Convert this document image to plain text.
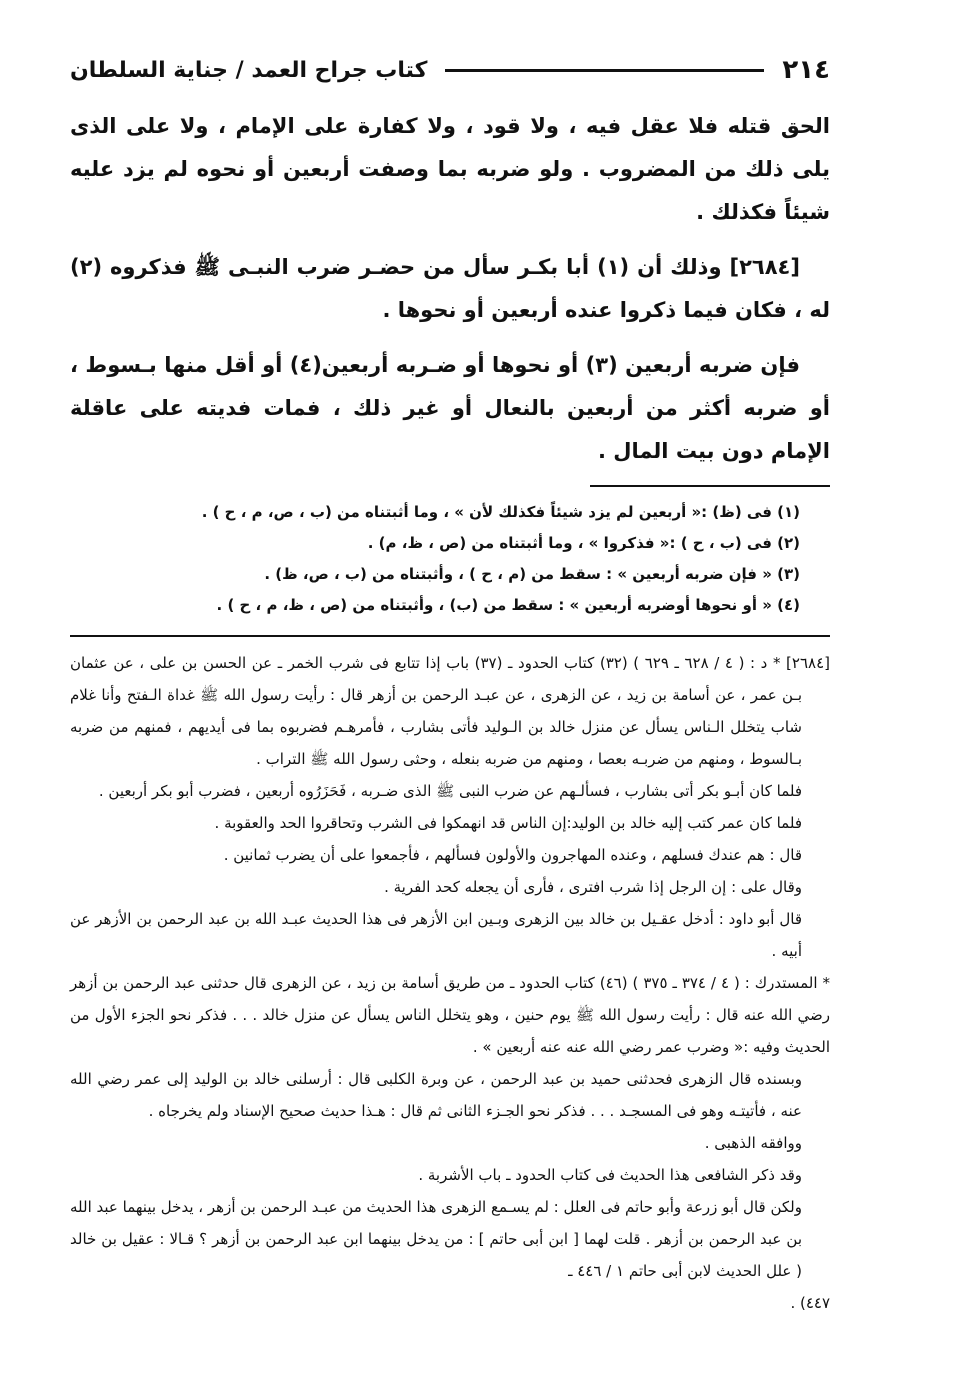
٢١٤
كتاب جراح العمد / جناية السلطان

الحق قتله فلا عقل فيه ، ولا قود ، ولا كفارة على الإمام ، ولا على الذى يلى ذلك من المضروب . ولو ضربه بما وصفت أربعين أو نحوه لم يزد عليه شيئاً فكذلك .

[٢٦٨٤] وذلك أن (١) أبا بكـر سأل من حضـر ضرب النبـى ﷺ فذكروه (٢) له ، فكان فيما ذكروا عنده أربعين أو نحوها .

فإن ضربه أربعين (٣) أو نحوها أو ضـربه أربعين(٤) أو أقل منها بـسوط ، أو ضربه أكثر من أربعين بالنعال أو غير ذلك ، فمات فديته على عاقلة الإمام دون بيت المال .

(١) فى (ظ) :« أربعين لم يزد شيئاً فكذلك لأن » ، وما أثبتناه من (ب ، ص، م ، ح ) .
(٢) فى (ب ، ح ) :« فذكروا » ، وما أثبتناه من (ص ، ظ، م) .
(٣) « فإن ضربه أربعين » : سقط من (م ، ح ) ، وأثبتناه من (ب ، ص، ظ) .
(٤) « أو نحوها أوضربه أربعين » : سقط من (ب) ، وأثبتناه من (ص ، ظ، م ، ح ) .

[٢٦٨٤] * د : ( ٤ / ٦٢٨ ـ ٦٢٩ ) (٣٢) كتاب الحدود ـ (٣٧) باب إذا تتابع فى شرب الخمر ـ عن الحسن بن على ، عن عثمان بـن عمر ، عن أسامة بن زيد ، عن الزهرى ، عن عبـد الرحمن بن أزهر قال : رأيت رسول الله ﷺ غداة الـفتح وأنا غلام شاب يتخلل الـناس يسأل عن منزل خالد بن الـوليد فأتى بشارب ، فأمرهـم فضربوه بما فى أيديهم ، فمنهم من ضربه بـالسوط ، ومنهم من ضربـه بعصا ، ومنهم من ضربه بنعله ، وحثى رسول الله ﷺ التراب .

فلما كان أبـو بكر أتى بشارب ، فسألـهم عن ضرب النبى ﷺ الذى ضـربه ، فَحَزَرُوه أربعين ، فضرب أبو بكر أربعين .

فلما كان عمر كتب إليه خالد بن الوليد:إن الناس قد انهمكوا فى الشرب وتحاقروا الحد والعقوبة .

قال : هم عندك فسلهم ، وعنده المهاجرون والأولون فسألهم ، فأجمعوا على أن يضرب ثمانين .

وقال على : إن الرجل إذا شرب افترى ، فأرى أن يجعله كحد الفرية .

قال أبو داود : أدخل عقـيل بن خالد بين الزهرى وبـين ابن الأزهر فى هذا الحديث عبـد الله بن عبد الرحمن بن الأزهر عن أبيه .

* المستدرك : ( ٤ / ٣٧٤ ـ ٣٧٥ ) (٤٦) كتاب الحدود ـ من طريق أسامة بن زيد ، عن الزهرى قال حدثنى عبد الرحمن بن أزهر رضي الله عنه قال : رأيت رسول الله ﷺ يوم حنين ، وهو يتخلل الناس يسأل عن منزل خالد . . . فذكر نحو الجزء الأول من الحديث وفيه :« وضرب عمر رضي الله عنه عنه أربعين » .

وبسنده قال الزهرى فحدثنى حميد بن عبد الرحمن ، عن وبرة الكلبى قال : أرسلنى خالد بن الوليد إلى عمر رضي الله عنه ، فأتيتـه وهو فى المسجـد . . . فذكر نحو الجـزء الثانى ثم قال : هـذا حديث صحيح الإسناد ولم يخرجاه .

ووافقه الذهبى .

وقد ذكر الشافعى هذا الحديث فى كتاب الحدود ـ باب الأشربة .

ولكن قال أبو زرعة وأبو حاتم فى العلل : لم يسـمع الزهرى هذا الحديث من عبـد الرحمن بن أزهر ، يدخل بينهما عبد الله بن عبد الرحمن بن أزهر . قلت لهما [ ابن أبى حاتم ] : من يدخل بينهما ابن عبد الرحمن بن أزهر ؟ قـالا : عقيل بن خالد ( علل الحديث لابن أبى حاتم ١ / ٤٤٦ ـ

٤٤٧) .
